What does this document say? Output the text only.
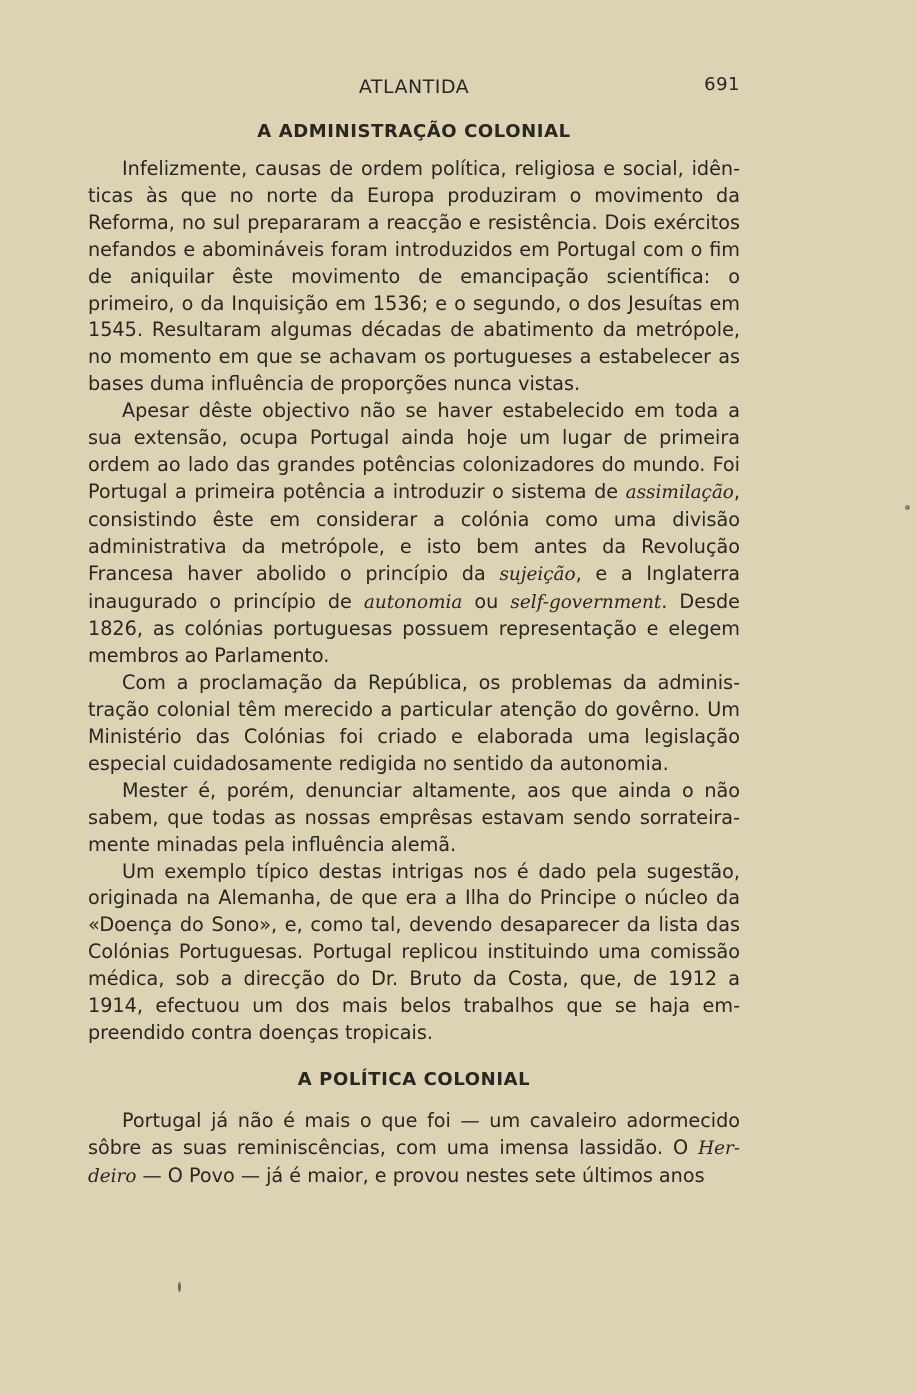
ATLANTIDA	691
A ADMINISTRAÇÃO COLONIAL

Infelizmente, causas de ordem política, religiosa e social, idênticas às que no norte da Europa produziram o movimento da Reforma, no sul prepararam a reacção e resistência. Dois exércitos nefandos e abomináveis foram introduzidos em Portugal com o fim de aniquilar êste movimento de emancipação scientífica: o primeiro, o da Inquisição em 1536; e o segundo, o dos Jesuítas em 1545. Resultaram algumas décadas de abatimento da metrópole, no momento em que se achavam os portugueses a estabelecer as bases duma influência de proporções nunca vistas.

Apesar dêste objectivo não se haver estabelecido em toda a sua extensão, ocupa Portugal ainda hoje um lugar de primeira ordem ao lado das grandes potências colonizadores do mundo. Foi Portugal a primeira potência a introduzir o sistema de assimilação, consistindo êste em considerar a colónia como uma divisão administrativa da metrópole, e isto bem antes da Revolução Francesa haver abolido o princípio da sujeição, e a Inglaterra inaugurado o princípio de autonomia ou self-government. Desde 1826, as colónias portuguesas possuem representação e elegem membros ao Parlamento.

Com a proclamação da República, os problemas da administração colonial têm merecido a particular atenção do govêrno. Um Ministério das Colónias foi criado e elaborada uma legislação especial cuidadosamente redigida no sentido da autonomia.

Mester é, porém, denunciar altamente, aos que ainda o não sabem, que todas as nossas emprêsas estavam sendo sorrateiramente minadas pela influência alemã.

Um exemplo típico destas intrigas nos é dado pela sugestão, originada na Alemanha, de que era a Ilha do Principe o núcleo da «Doença do Sono», e, como tal, devendo desaparecer da lista das Colónias Portuguesas. Portugal replicou instituindo uma comissão médica, sob a direcção do Dr. Bruto da Costa, que, de 1912 a 1914, efectuou um dos mais belos trabalhos que se haja empreendido contra doenças tropicais.

A POLÍTICA COLONIAL

Portugal já não é mais o que foi — um cavaleiro adormecido sôbre as suas reminiscências, com uma imensa lassidão. O Herdeiro — O Povo — já é maior, e provou nestes sete últimos anos
